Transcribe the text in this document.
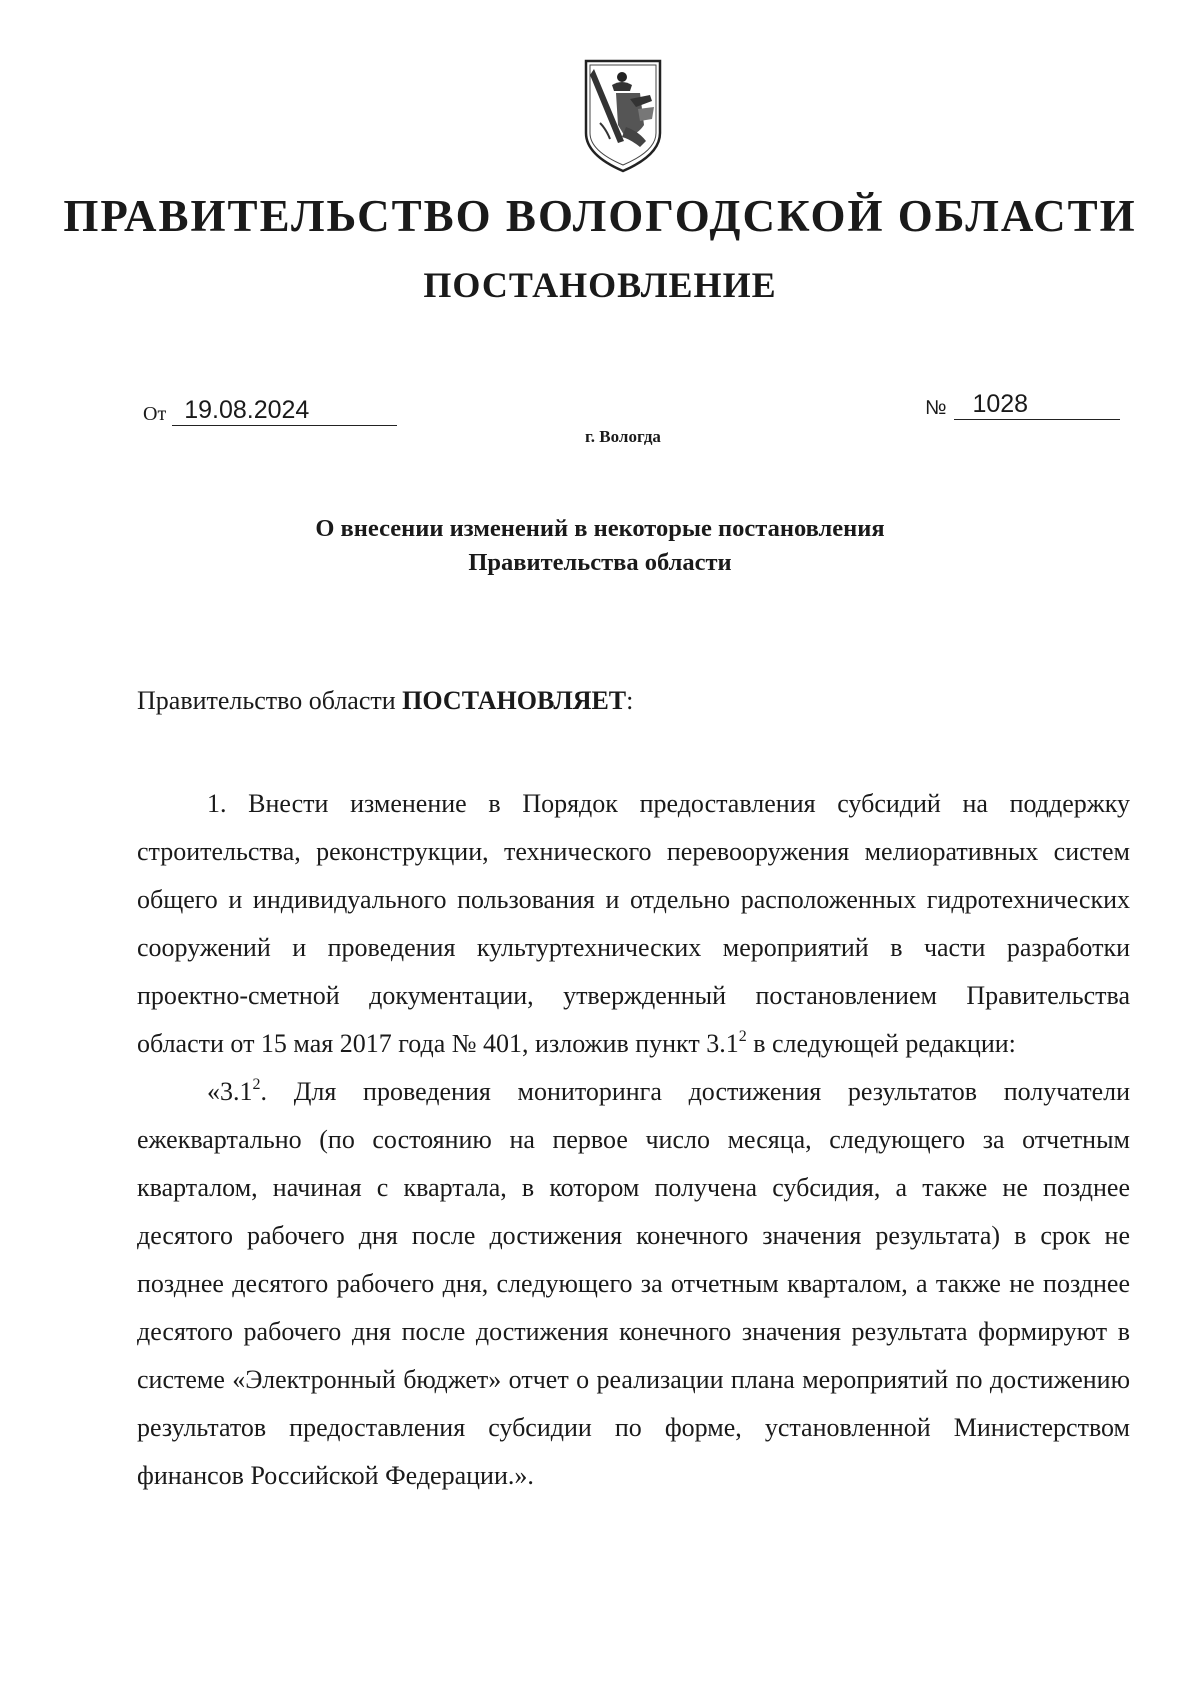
ПРАВИТЕЛЬСТВО ВОЛОГОДСКОЙ ОБЛАСТИ
ПОСТАНОВЛЕНИЕ
От 19.08.2024	№ 1028
г. Вологда
О внесении изменений в некоторые постановления
Правительства области
Правительство области ПОСТАНОВЛЯЕТ:

1. Внести изменение в Порядок предоставления субсидий на поддержку строительства, реконструкции, технического перевооружения мелиоративных систем общего и индивидуального пользования и отдельно расположенных гидротехнических сооружений и проведения культуртехнических мероприятий в части разработки проектно-сметной документации, утвержденный постановлением Правительства области от 15 мая 2017 года № 401, изложив пункт $3.1^2$ в следующей редакции:

«$3.1^2$. Для проведения мониторинга достижения результатов получатели ежеквартально (по состоянию на первое число месяца, следующего за отчетным кварталом, начиная с квартала, в котором получена субсидия, а также не позднее десятого рабочего дня после достижения конечного значения результата) в срок не позднее десятого рабочего дня, следующего за отчетным кварталом, а также не позднее десятого рабочего дня после достижения конечного значения результата формируют в системе «Электронный бюджет» отчет о реализации плана мероприятий по достижению результатов предоставления субсидии по форме, установленной Министерством финансов Российской Федерации.».
